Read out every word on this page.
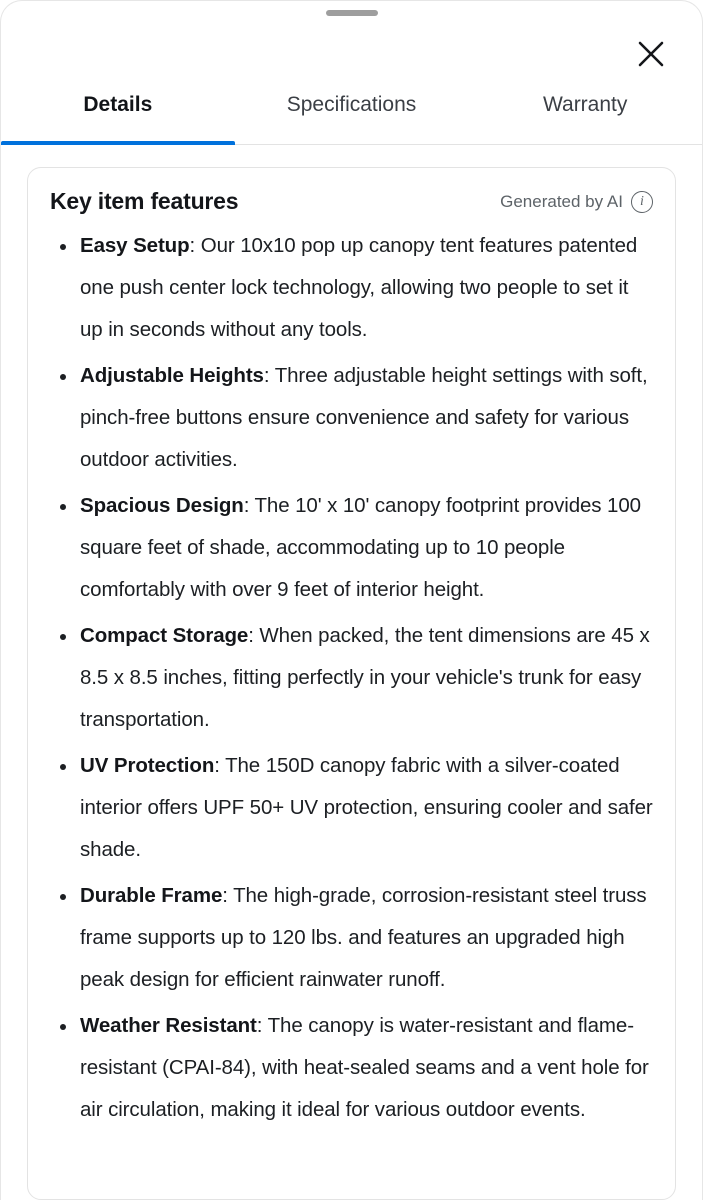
Details	Specifications	Warranty
Key item features	Generated by AI	i
Easy Setup: Our 10x10 pop up canopy tent features patented one push center lock technology, allowing two people to set it up in seconds without any tools.
Adjustable Heights: Three adjustable height settings with soft, pinch-free buttons ensure convenience and safety for various outdoor activities.
Spacious Design: The 10' x 10' canopy footprint provides 100 square feet of shade, accommodating up to 10 people comfortably with over 9 feet of interior height.
Compact Storage: When packed, the tent dimensions are 45 x 8.5 x 8.5 inches, fitting perfectly in your vehicle's trunk for easy transportation.
UV Protection: The 150D canopy fabric with a silver-coated interior offers UPF 50+ UV protection, ensuring cooler and safer shade.
Durable Frame: The high-grade, corrosion-resistant steel truss frame supports up to 120 lbs. and features an upgraded high peak design for efficient rainwater runoff.
Weather Resistant: The canopy is water-resistant and flame-resistant (CPAI-84), with heat-sealed seams and a vent hole for air circulation, making it ideal for various outdoor events.
